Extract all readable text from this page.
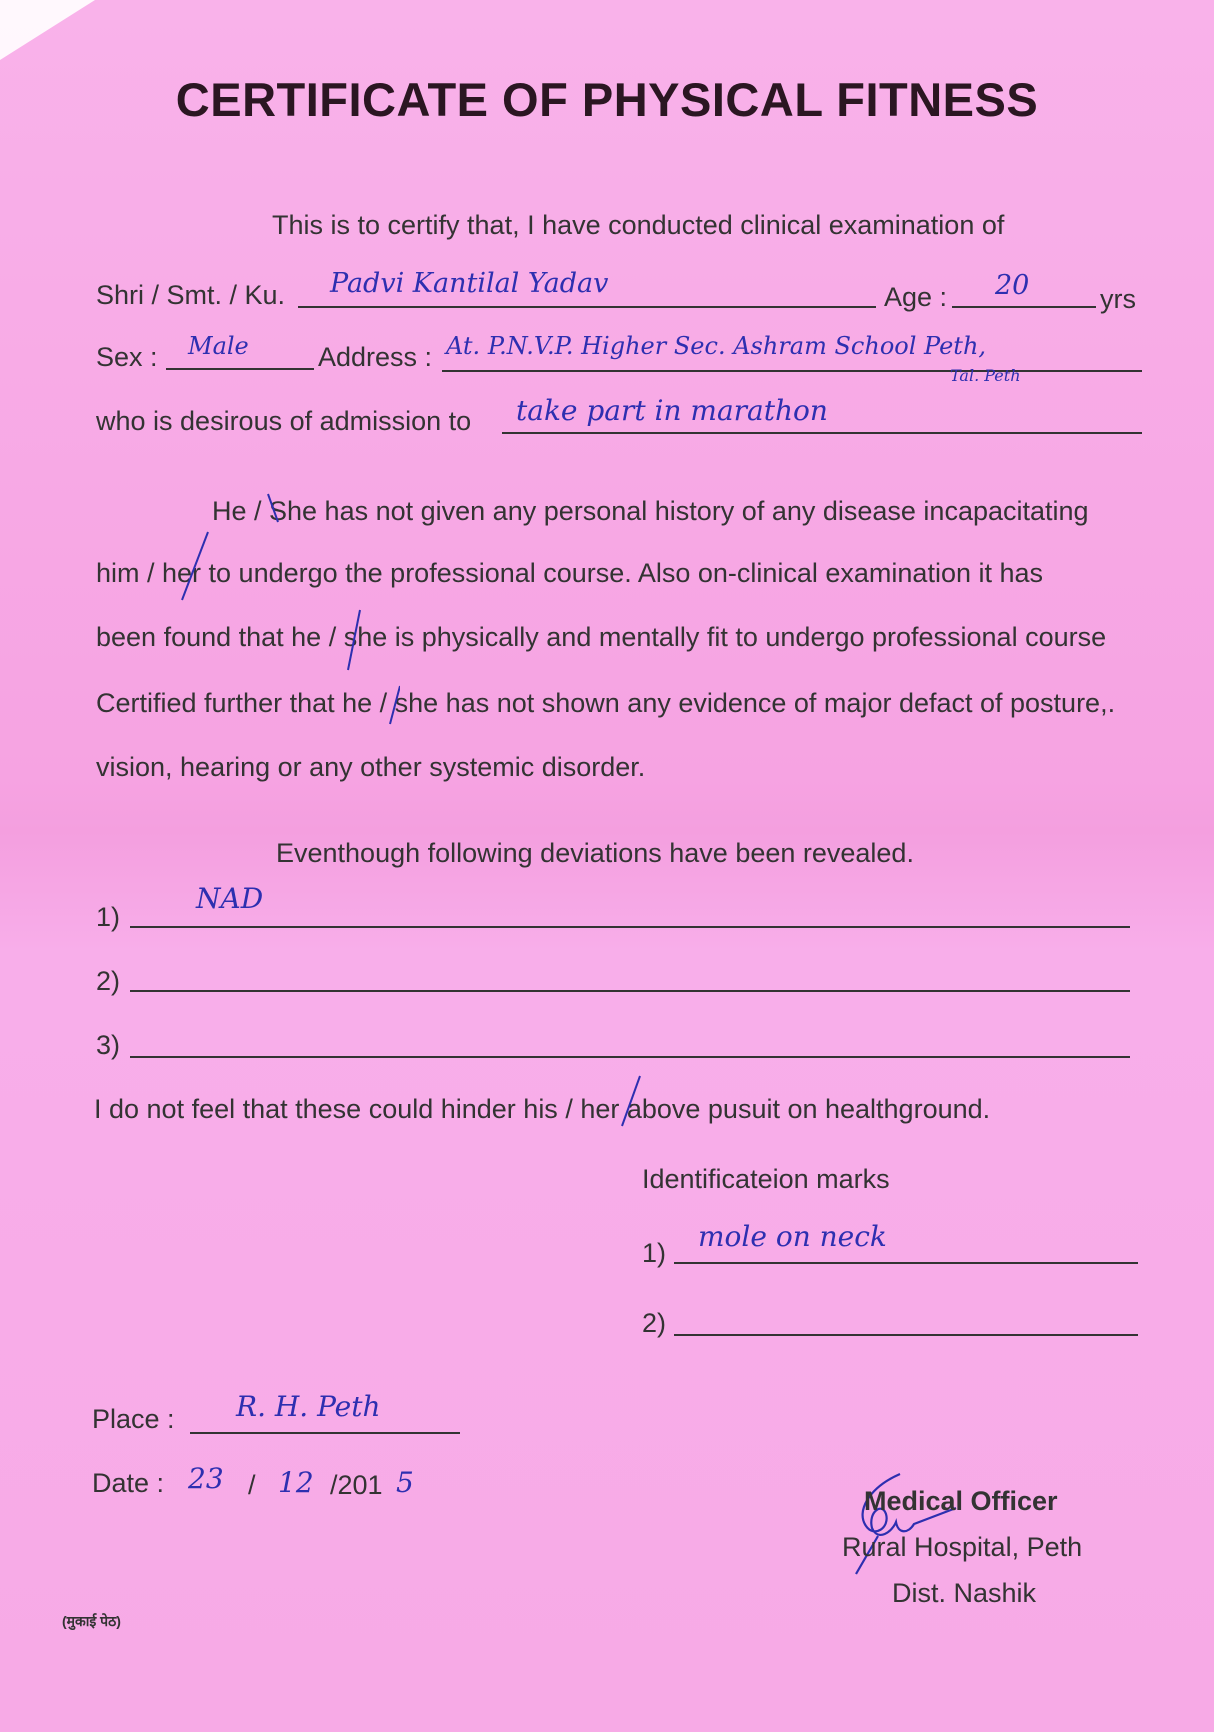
CERTIFICATE OF PHYSICAL FITNESS
This is to certify that, I have conducted clinical examination of
Shri / Smt. / Ku. Padvi Kantilal Yadav	Age : 20	yrs
Sex : Male	Address : At. P.N.V.P. Higher Sec. Ashram School Peth,
Tal. Peth
who is desirous of admission to take part in marathon
He / She has not given any personal history of any disease incapacitating
him / her to undergo the professional course. Also on-clinical examination it has
been found that he / she is physically and mentally fit to undergo professional course
Certified further that he / she has not shown any evidence of major defact of posture,.
vision, hearing or any other systemic disorder.
Eventhough following deviations have been revealed.
1)
NAD
2)
3)
I do not feel that these could hinder his / her above pusuit on healthground.
Identificateion marks
1) mole on neck
2)
Place : R. H. Peth
Date : 23 / 12 /201 5
Medical Officer
Rural Hospital, Peth
Dist. Nashik
(मुकाई पेठ)
